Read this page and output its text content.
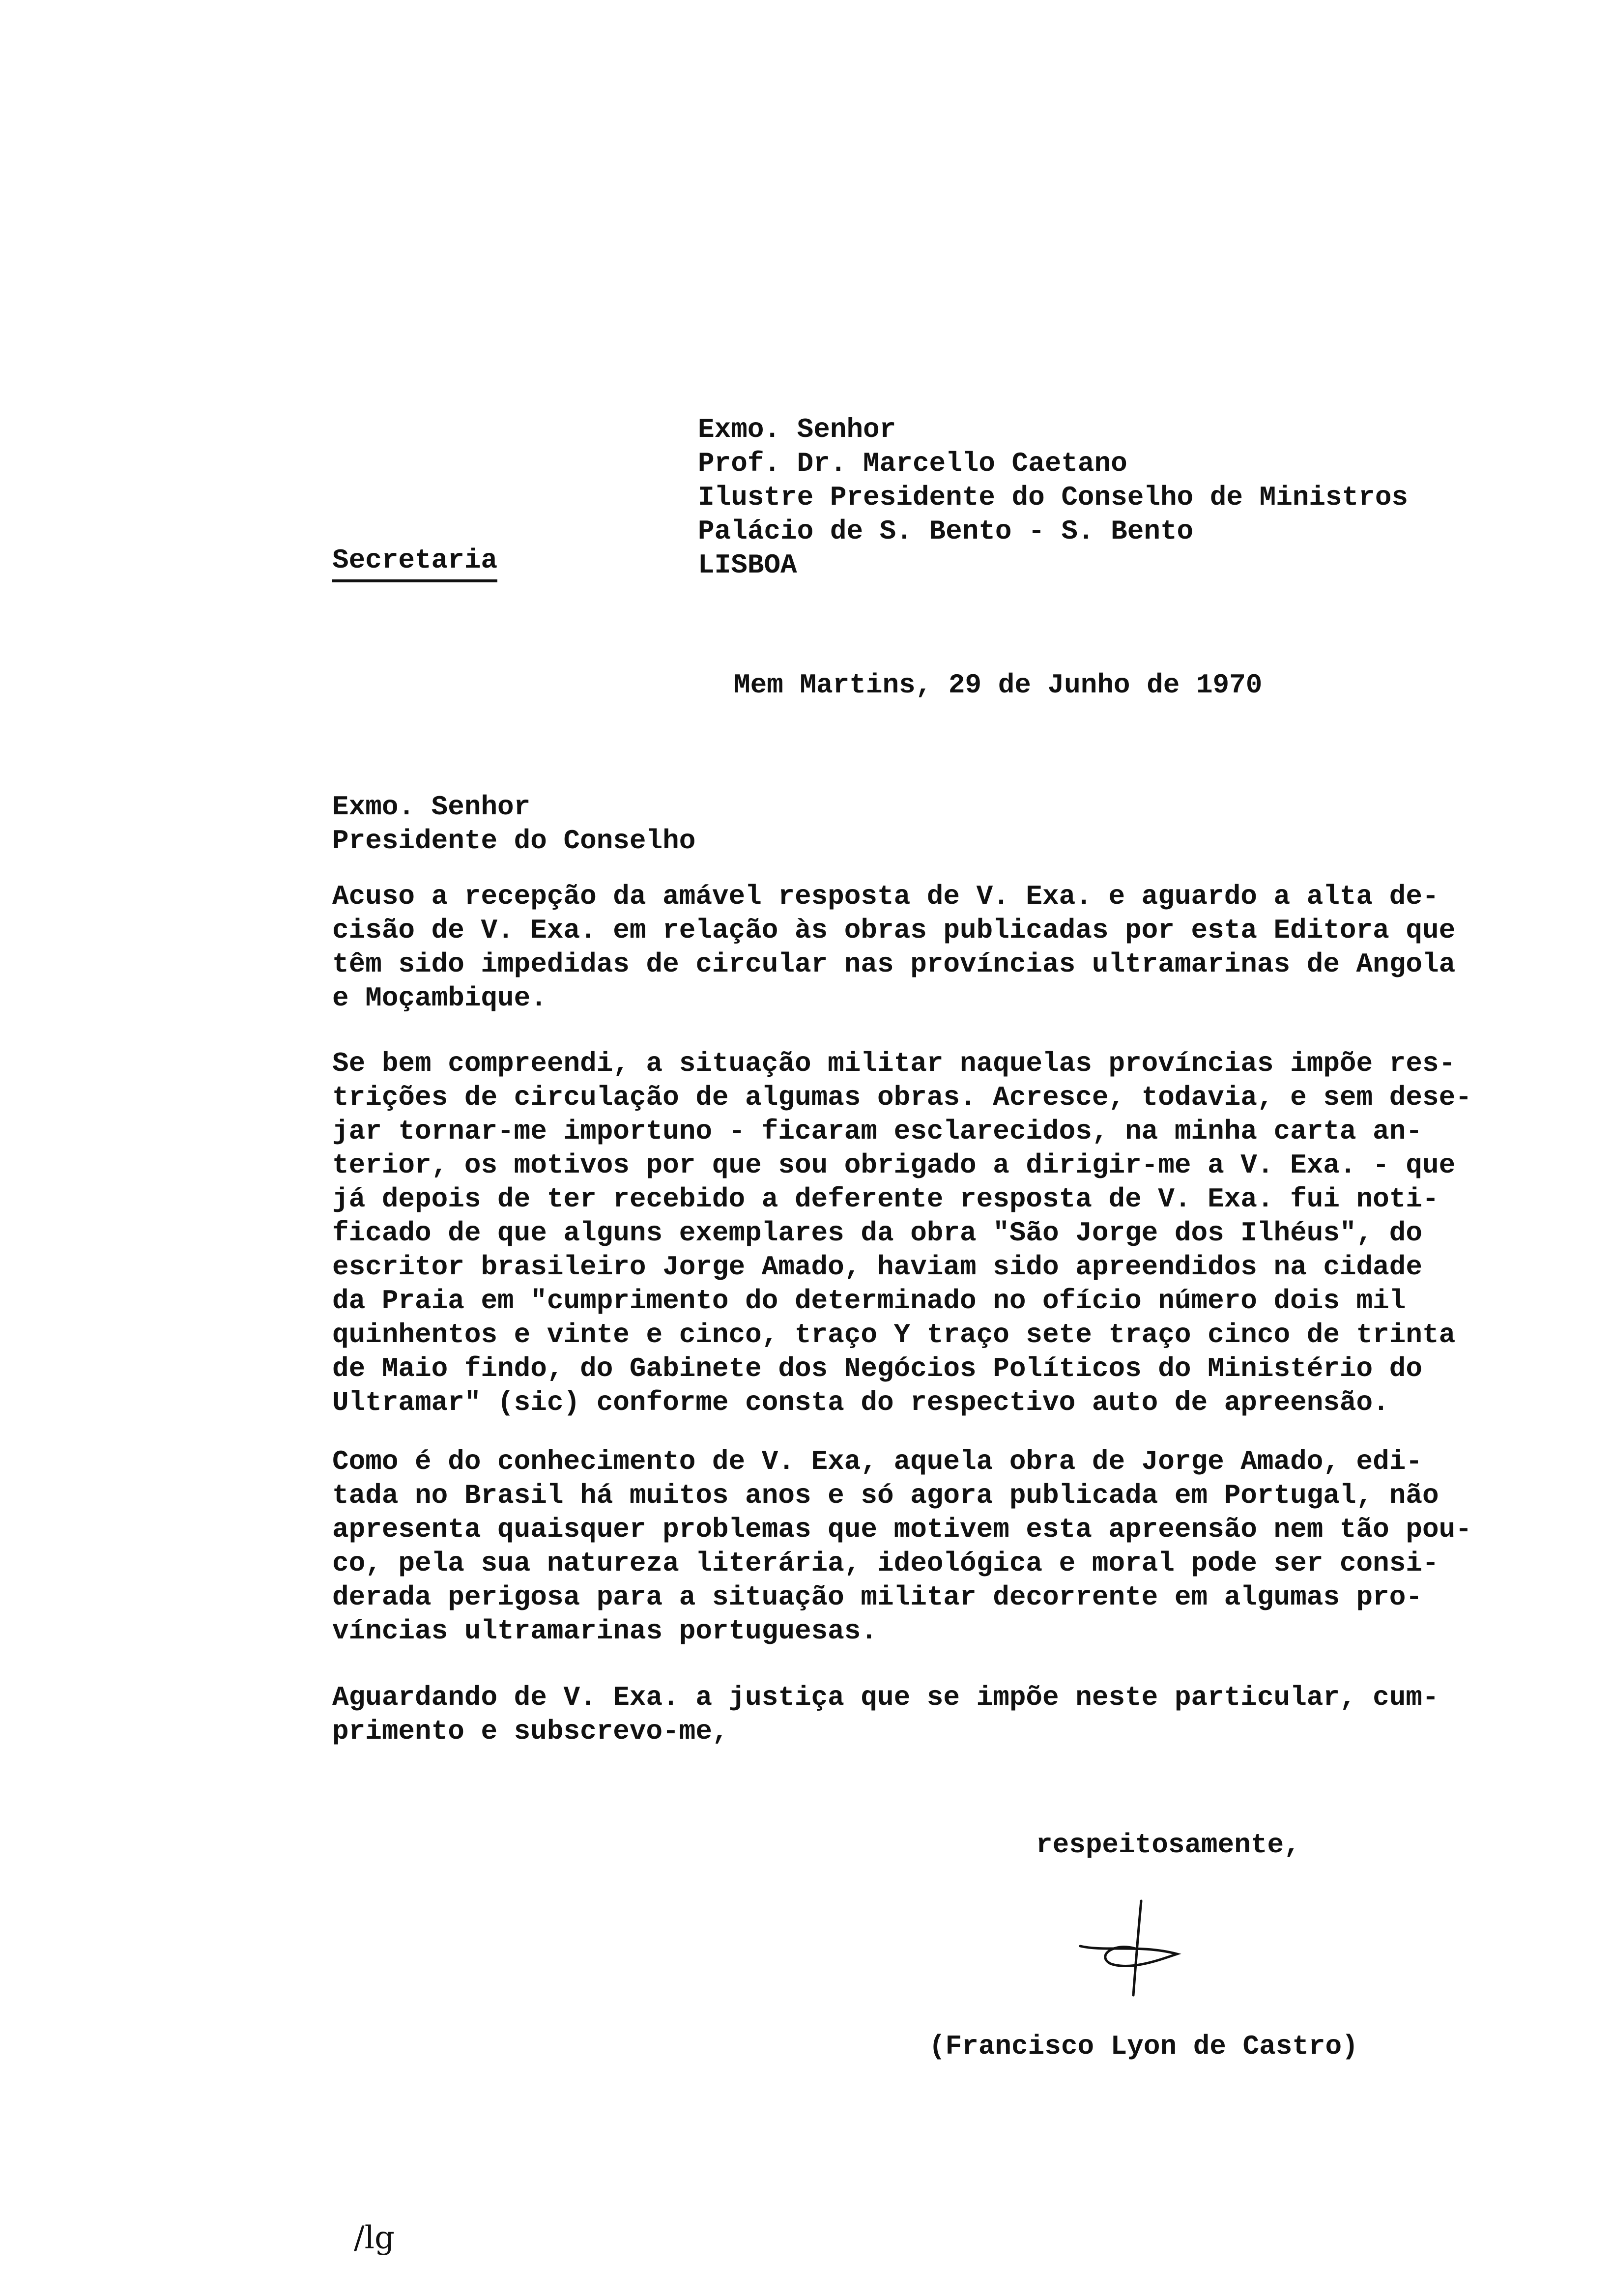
Exmo. Senhor
Prof. Dr. Marcello Caetano
Ilustre Presidente do Conselho de Ministros
Palácio de S. Bento - S. Bento
LISBOA
Secretaria
Mem Martins, 29 de Junho de 1970
Exmo. Senhor
Presidente do Conselho
Acuso a recepção da amável resposta de V. Exa. e aguardo a alta de-
cisão de V. Exa. em relação às obras publicadas por esta Editora que
têm sido impedidas de circular nas províncias ultramarinas de Angola
e Moçambique.
Se bem compreendi, a situação militar naquelas províncias impõe res-
trições de circulação de algumas obras. Acresce, todavia, e sem dese-
jar tornar-me importuno - ficaram esclarecidos, na minha carta an-
terior, os motivos por que sou obrigado a dirigir-me a V. Exa. - que
já depois de ter recebido a deferente resposta de V. Exa. fui noti-
ficado de que alguns exemplares da obra "São Jorge dos Ilhéus", do
escritor brasileiro Jorge Amado, haviam sido apreendidos na cidade
da Praia em "cumprimento do determinado no ofício número dois mil
quinhentos e vinte e cinco, traço Y traço sete traço cinco de trinta
de Maio findo, do Gabinete dos Negócios Políticos do Ministério do
Ultramar" (sic) conforme consta do respectivo auto de apreensão.
Como é do conhecimento de V. Exa, aquela obra de Jorge Amado, edi-
tada no Brasil há muitos anos e só agora publicada em Portugal, não
apresenta quaisquer problemas que motivem esta apreensão nem tão pou-
co, pela sua natureza literária, ideológica e moral pode ser consi-
derada perigosa para a situação militar decorrente em algumas pro-
víncias ultramarinas portuguesas.
Aguardando de V. Exa. a justiça que se impõe neste particular, cum-
primento e subscrevo-me,
respeitosamente,
(Francisco Lyon de Castro)
/lg
